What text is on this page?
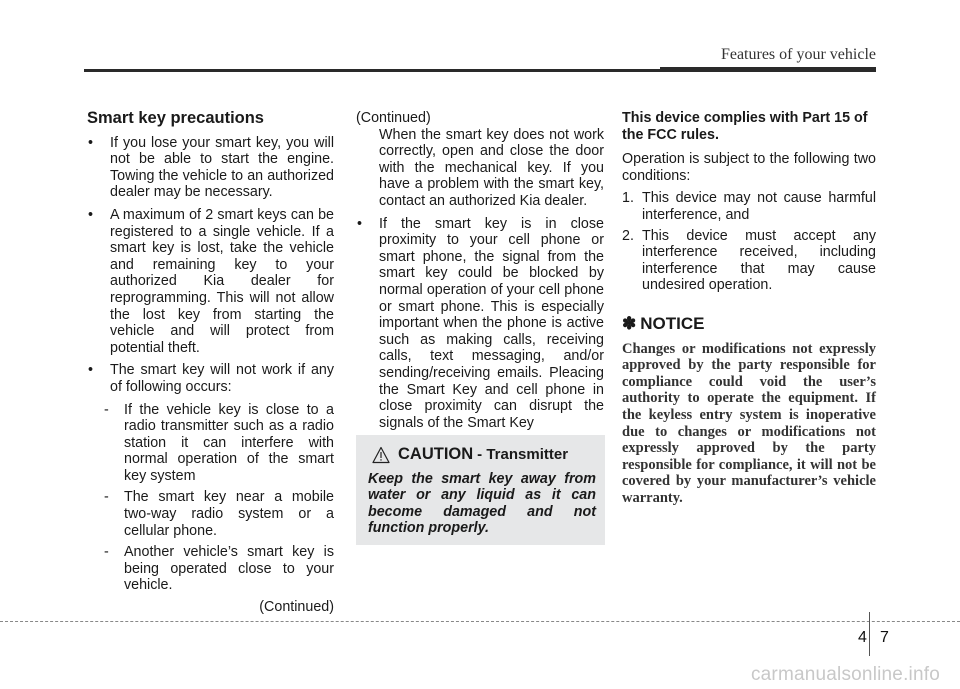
Features of your vehicle
Smart key precautions
• If you lose your smart key, you will not be able to start the engine. Towing the vehicle to an authorized dealer may be necessary.
• A maximum of 2 smart keys can be registered to a single vehicle. If a smart key is lost, take the vehicle and remaining key to your authorized Kia dealer for reprogramming. This will not allow the lost key from starting the vehicle and will protect from potential theft.
• The smart key will not work if any of following occurs:
- If the vehicle key is close to a radio transmitter such as a radio station it can interfere with normal operation of the smart key system
- The smart key near a mobile two-way radio system or a cellular phone.
- Another vehicle’s smart key is being operated close to your vehicle.
(Continued)
(Continued)
When the smart key does not work correctly, open and close the door with the mechanical key. If you have a problem with the smart key, contact an authorized Kia dealer.
• If the smart key is in close proximity to your cell phone or smart phone, the signal from the smart key could be blocked by normal operation of your cell phone or smart phone. This is especially important when the phone is active such as making calls, receiving calls, text messaging, and/or sending/receiving emails. Pleacing the Smart Key and cell phone in close proximity can disrupt the signals of the Smart Key
CAUTION - Transmitter
Keep the smart key away from water or any liquid as it can become damaged and not function properly.
This device complies with Part 15 of the FCC rules.
Operation is subject to the following two conditions:
1. This device may not cause harmful interference, and
2. This device must accept any interference received, including interference that may cause undesired operation.
✽ NOTICE
Changes or modifications not expressly approved by the party responsible for compliance could void the user’s authority to operate the equipment. If the keyless entry system is inoperative due to changes or modifications not expressly approved by the party responsible for compliance, it will not be covered by your manufacturer’s vehicle warranty.
4 7
carmanualsonline.info
